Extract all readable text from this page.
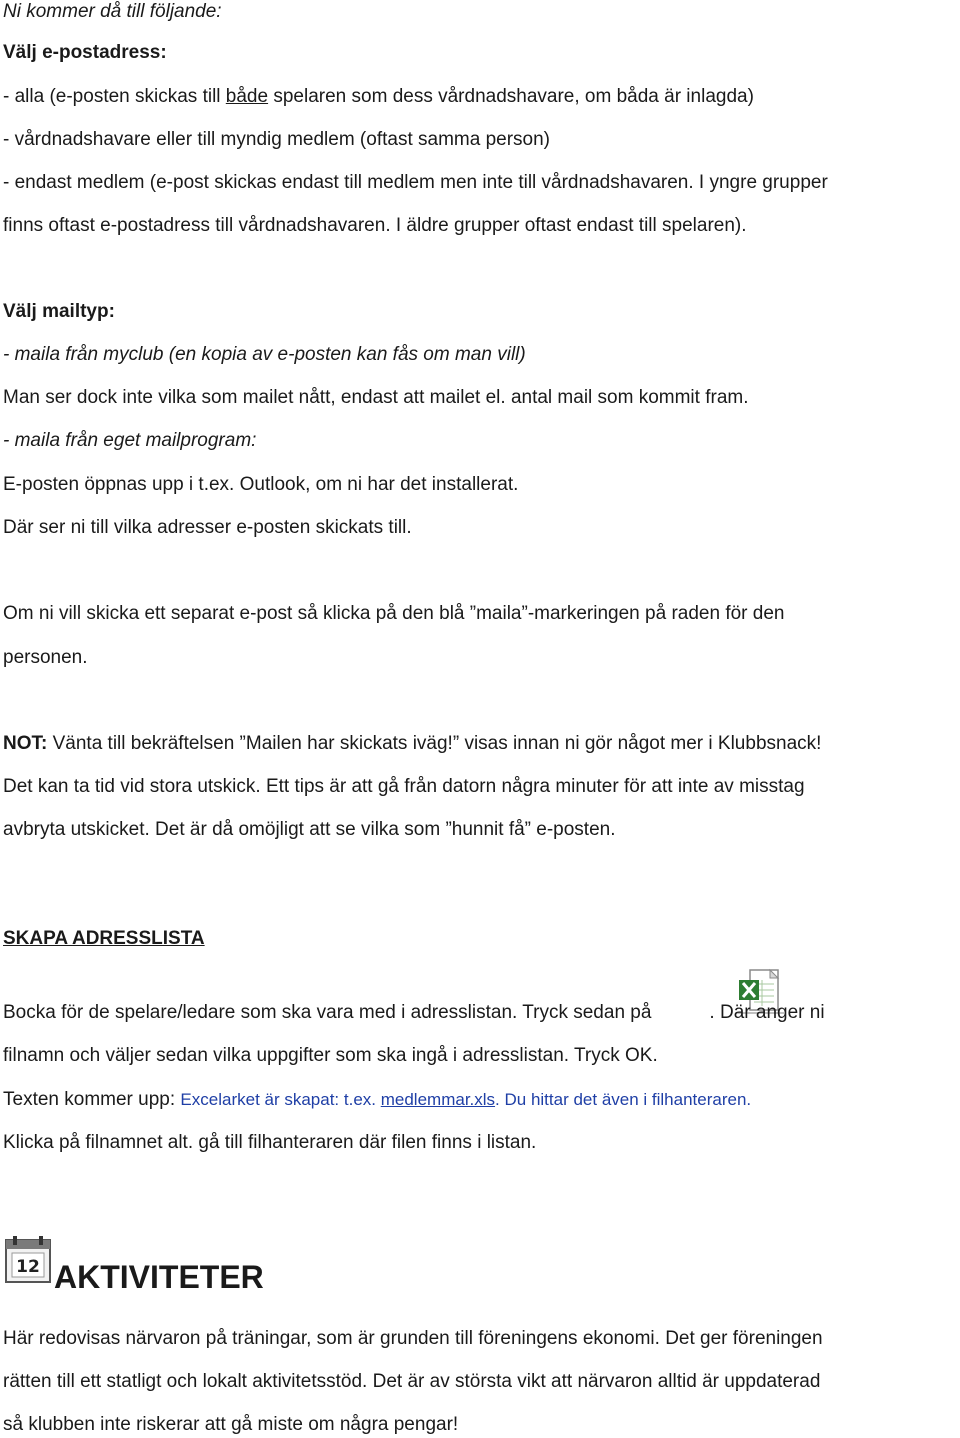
Ni kommer då till följande:

Välj e-postadress:

- alla (e-posten skickas till både spelaren som dess vårdnadshavare, om båda är inlagda)

- vårdnadshavare eller till myndig medlem (oftast samma person)

- endast medlem (e-post skickas endast till medlem men inte till vårdnadshavaren. I yngre grupper

finns oftast e-postadress till vårdnadshavaren. I äldre grupper oftast endast till spelaren).

Välj mailtyp:

- maila från myclub (en kopia av e-posten kan fås om man vill)

Man ser dock inte vilka som mailet nått, endast att mailet el. antal mail som kommit fram.

- maila från eget mailprogram:

E-posten öppnas upp i t.ex. Outlook, om ni har det installerat.

Där ser ni till vilka adresser e-posten skickats till.

Om ni vill skicka ett separat e-post så klicka på den blå ”maila”-markeringen på raden för den

personen.

NOT: Vänta till bekräftelsen ”Mailen har skickats iväg!” visas innan ni gör något mer i Klubbsnack!

Det kan ta tid vid stora utskick. Ett tips är att gå från datorn några minuter för att inte av misstag

avbryta utskicket. Det är då omöjligt att se vilka som ”hunnit få” e-posten.

SKAPA ADRESSLISTA

Bocka för de spelare/ledare som ska vara med i adresslistan. Tryck sedan på	. Där anger ni

filnamn och väljer sedan vilka uppgifter som ska ingå i adresslistan. Tryck OK.

Texten kommer upp: Excelarket är skapat: t.ex. medlemmar.xls. Du hittar det även i filhanteraren.

Klicka på filnamnet alt. gå till filhanteraren där filen finns i listan.

12 AKTIVITETER

Här redovisas närvaron på träningar, som är grunden till föreningens ekonomi. Det ger föreningen

rätten till ett statligt och lokalt aktivitetsstöd. Det är av största vikt att närvaron alltid är uppdaterad

så klubben inte riskerar att gå miste om några pengar!
